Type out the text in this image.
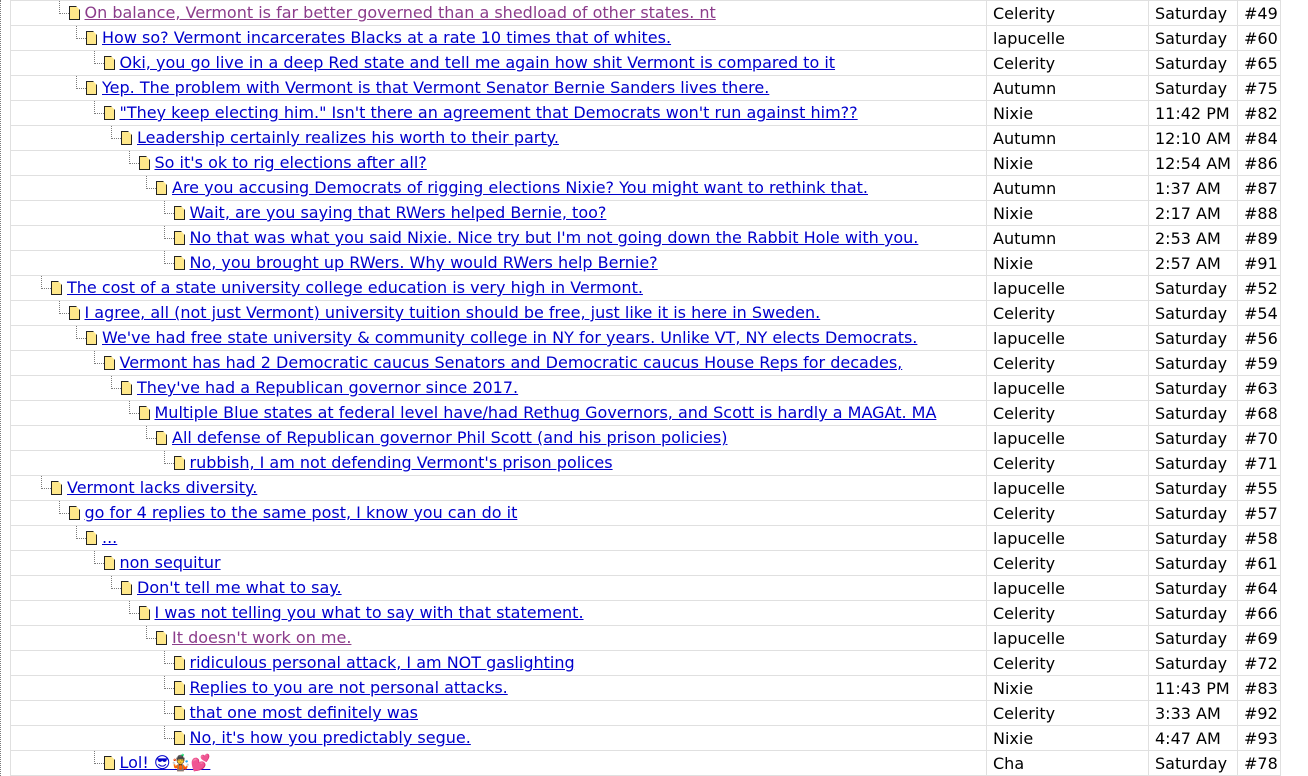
On balance, Vermont is far better governed than a shedload of other states. nt	Celerity	Saturday	#49

How so? Vermont incarcerates Blacks at a rate 10 times that of whites.	lapucelle	Saturday	#60

Oki, you go live in a deep Red state and tell me again how shit Vermont is compared to it	Celerity	Saturday	#65

Yep. The problem with Vermont is that Vermont Senator Bernie Sanders lives there.	Autumn	Saturday	#75

"They keep electing him." Isn't there an agreement that Democrats won't run against him??	Nixie	11:42 PM	#82

Leadership certainly realizes his worth to their party.	Autumn	12:10 AM	#84

So it's ok to rig elections after all?	Nixie	12:54 AM	#86

Are you accusing Democrats of rigging elections Nixie? You might want to rethink that.	Autumn	1:37 AM	#87

Wait, are you saying that RWers helped Bernie, too?	Nixie	2:17 AM	#88

No that was what you said Nixie. Nice try but I'm not going down the Rabbit Hole with you.	Autumn	2:53 AM	#89

No, you brought up RWers. Why would RWers help Bernie?	Nixie	2:57 AM	#91

The cost of a state university college education is very high in Vermont.	lapucelle	Saturday	#52

I agree, all (not just Vermont) university tuition should be free, just like it is here in Sweden.	Celerity	Saturday	#54

We've had free state university & community college in NY for years. Unlike VT, NY elects Democrats.	lapucelle	Saturday	#56

Vermont has had 2 Democratic caucus Senators and Democratic caucus House Reps for decades,	Celerity	Saturday	#59

They've had a Republican governor since 2017.	lapucelle	Saturday	#63

Multiple Blue states at federal level have/had Rethug Governors, and Scott is hardly a MAGAt. MA	Celerity	Saturday	#68

All defense of Republican governor Phil Scott (and his prison policies)	lapucelle	Saturday	#70

rubbish, I am not defending Vermont's prison polices	Celerity	Saturday	#71

Vermont lacks diversity.	lapucelle	Saturday	#55

go for 4 replies to the same post, I know you can do it	Celerity	Saturday	#57

...	lapucelle	Saturday	#58

non sequitur	Celerity	Saturday	#61

Don't tell me what to say.	lapucelle	Saturday	#64

I was not telling you what to say with that statement.	Celerity	Saturday	#66

It doesn't work on me.	lapucelle	Saturday	#69

ridiculous personal attack, I am NOT gaslighting	Celerity	Saturday	#72

Replies to you are not personal attacks.	Nixie	11:43 PM	#83

that one most definitely was	Celerity	3:33 AM	#92

No, it's how you predictably segue.	Nixie	4:47 AM	#93

Lol! 😎🤹💕	Cha	Saturday	#78
